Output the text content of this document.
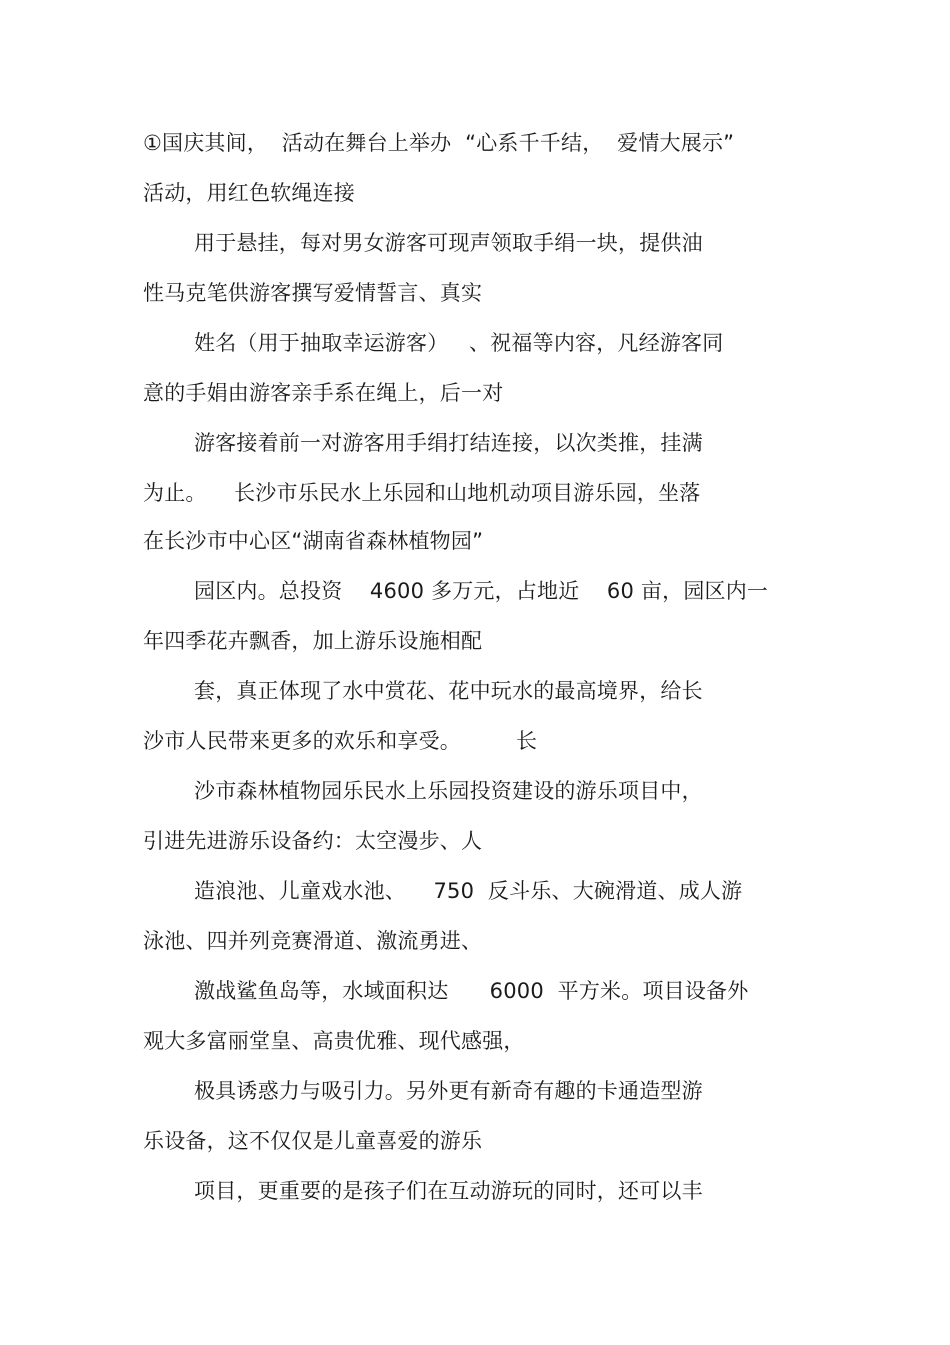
①国庆其间，  活动在舞台上举办  “心系千千结，  爱情大展示”
活动，用红色软绳连接
用于悬挂，每对男女游客可现声领取手绢一块，提供油
性马克笔供游客撰写爱情誓言、真实
姓名（用于抽取幸运游客）   、祝福等内容，凡经游客同
意的手娟由游客亲手系在绳上，后一对
游客接着前一对游客用手绢打结连接，以次类推，挂满
为止。    长沙市乐民水上乐园和山地机动项目游乐园，坐落
在长沙市中心区“湖南省森林植物园”
园区内。总投资    4600 多万元，占地近    60 亩，园区内一
年四季花卉飘香，加上游乐设施相配
套，真正体现了水中赏花、花中玩水的最高境界，给长
沙市人民带来更多的欢乐和享受。        长
沙市森林植物园乐民水上乐园投资建设的游乐项目中，
引进先进游乐设备约：太空漫步、人
造浪池、儿童戏水池、    750  反斗乐、大碗滑道、成人游
泳池、四并列竞赛滑道、激流勇进、
激战鲨鱼岛等，水域面积达      6000  平方米。项目设备外
观大多富丽堂皇、高贵优雅、现代感强，
极具诱惑力与吸引力。另外更有新奇有趣的卡通造型游
乐设备，这不仅仅是儿童喜爱的游乐
项目，更重要的是孩子们在互动游玩的同时，还可以丰
